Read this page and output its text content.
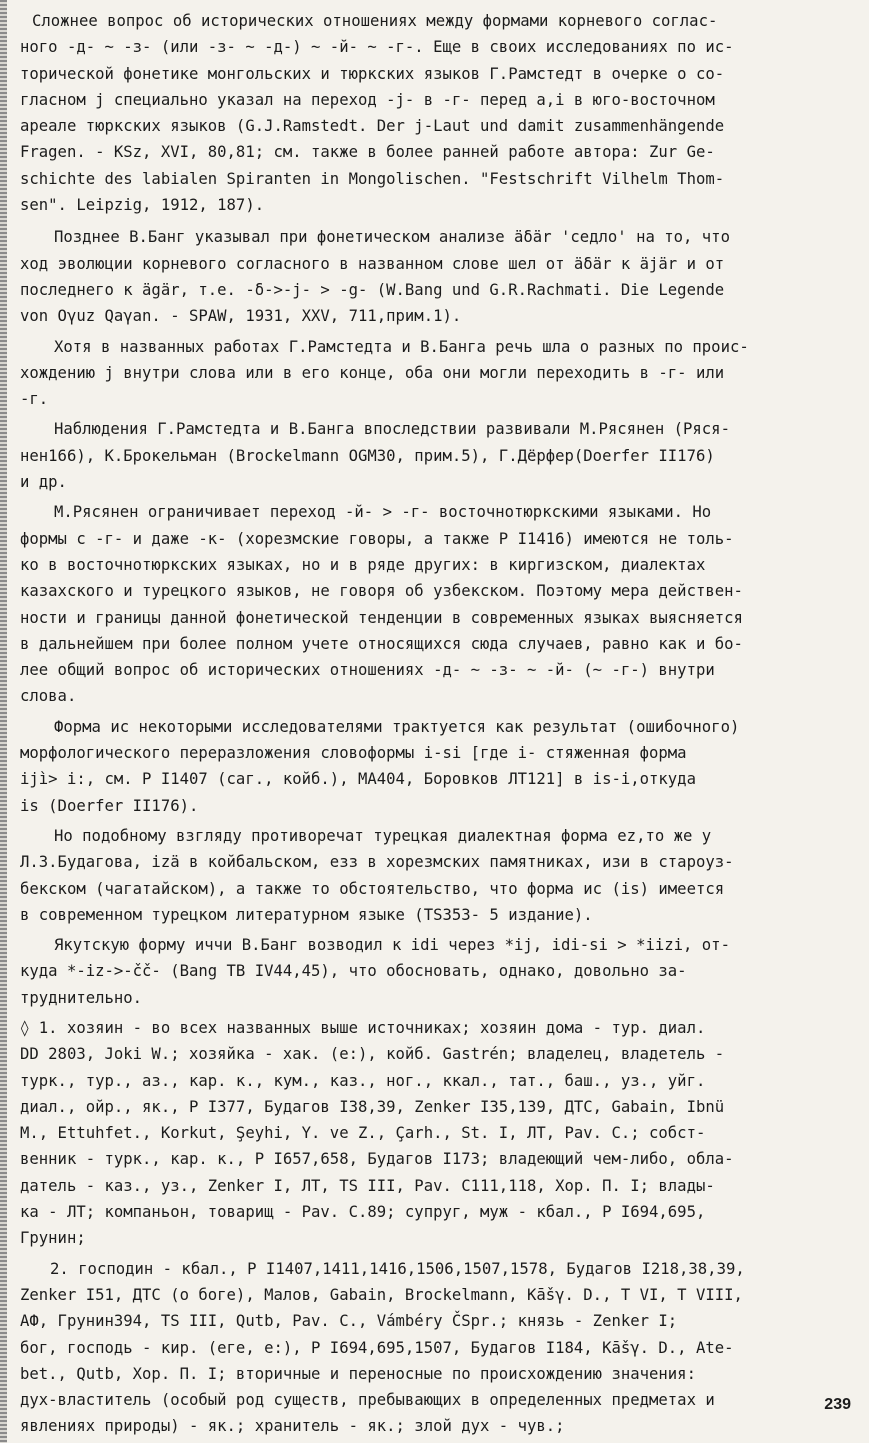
Сложнее вопрос об исторических отношениях между формами корневого соглас-
ного -д- ~ -з- (или -з- ~ -д-) ~ -й- ~ -г-. Еще в своих исследованиях по ис-
торической фонетике монгольских и тюркских языков Г.Рамстедт в очерке о со-
гласном j специально указал на переход -j- в -г- перед а,i в юго-восточном
ареале тюркских языков (G.J.Ramstedt. Der j-Laut und damit zusammenhängende
Fragen. - KSz, XVI, 80,81; см. также в более ранней работе автора: Zur Ge-
schichte des labialen Spiranten in Mongolischen. "Festschrift Vilhelm Thom-
sen". Leipzig, 1912, 187).

Позднее В.Банг указывал при фонетическом анализе äδär 'седло' на то, что
ход эволюции корневого согласного в названном слове шел от äδär к äjär и от
последнего к ägär, т.е. -δ->-j- > -g- (W.Bang und G.R.Rachmati. Die Legende
von Oγuz Qaγan. - SPAW, 1931, XXV, 711,прим.1).

Хотя в названных работах Г.Рамстедта и В.Банга речь шла о разных по проис-
хождению j внутри слова или в его конце, оба они могли переходить в -г- или
-г.

Наблюдения Г.Рамстедта и В.Банга впоследствии развивали М.Рясянен (Ряся-
нен166), К.Брокельман (Brockelmann OGM30, прим.5), Г.Дёрфер(Doerfer II176)
и др.

М.Рясянен ограничивает переход -й- > -г- восточнотюркскими языками. Но
формы с -г- и даже -к- (хорезмские говоры, а также Р I1416) имеются не толь-
ко в восточнотюркских языках, но и в ряде других: в киргизском, диалектах
казахского и турецкого языков, не говоря об узбекском. Поэтому мера действен-
ности и границы данной фонетической тенденции в современных языках выясняется
в дальнейшем при более полном учете относящихся сюда случаев, равно как и бо-
лее общий вопрос об исторических отношениях -д- ~ -з- ~ -й- (~ -г-) внутри
слова.

Форма ис некоторыми исследователями трактуется как результат (ошибочного)
морфологического переразложения словоформы i-si [где i- стяженная форма
ijì> i:, см. Р I1407 (саг., койб.), МА404, Боровков ЛТ121] в is-i,откуда
is (Doerfer II176).

Но подобному взгляду противоречат турецкая диалектная форма ez,то же у
Л.З.Будагова, izä в койбальском, езз в хорезмских памятниках, изи в староуз-
бекском (чагатайском), а также то обстоятельство, что форма ис (is) имеется
в современном турецком литературном языке (TS353- 5 издание).

Якутскую форму иччи В.Банг возводил к idi через *ij, idi-si > *iizi, от-
куда *-iz->-čč- (Bang TB IV44,45), что обосновать, однако, довольно за-
труднительно.

◊ 1. хозяин - во всех названных выше источниках; хозяин дома - тур. диал.
DD 2803, Joki W.; хозяйка - хак. (е:), койб. Gastrén; владелец, владетель -
турк., тур., аз., кар. к., кум., каз., ног., ккал., тат., баш., уз., уйг.
диал., ойр., як., Р I377, Будагов I38,39, Zenker I35,139, ДТС, Gabain, Ibnü
M., Ettuhfet., Korkut, Şeyhi, Y. ve Z., Çarh., St. I, ЛТ, Pav. C.; собст-
венник - турк., кар. к., Р I657,658, Будагов I173; владеющий чем-либо, обла-
датель - каз., уз., Zenker I, ЛТ, TS III, Pav. C111,118, Хор. П. I; влады-
ка - ЛТ; компаньон, товарищ - Pav. C.89; супруг, муж - кбал., Р I694,695,
Грунин;

2. господин - кбал., Р I1407,1411,1416,1506,1507,1578, Будагов I218,38,39,
Zenker I51, ДТС (о боге), Малов, Gabain, Brockelmann, Kāšγ. D., Т VI, Т VIII,
АФ, Грунин394, TS III, Qutb, Pav. C., Vámbéry ČSpr.; князь - Zenker I;
бог, господь - кир. (еге, е:), Р I694,695,1507, Будагов I184, Kāšγ. D., Ate-
bet., Qutb, Хор. П. I; вторичные и переносные по происхождению значения:
дух-властитель (особый род существ, пребывающих в определенных предметах и
явлениях природы) - як.; хранитель - як.; злой дух - чув.;

239
